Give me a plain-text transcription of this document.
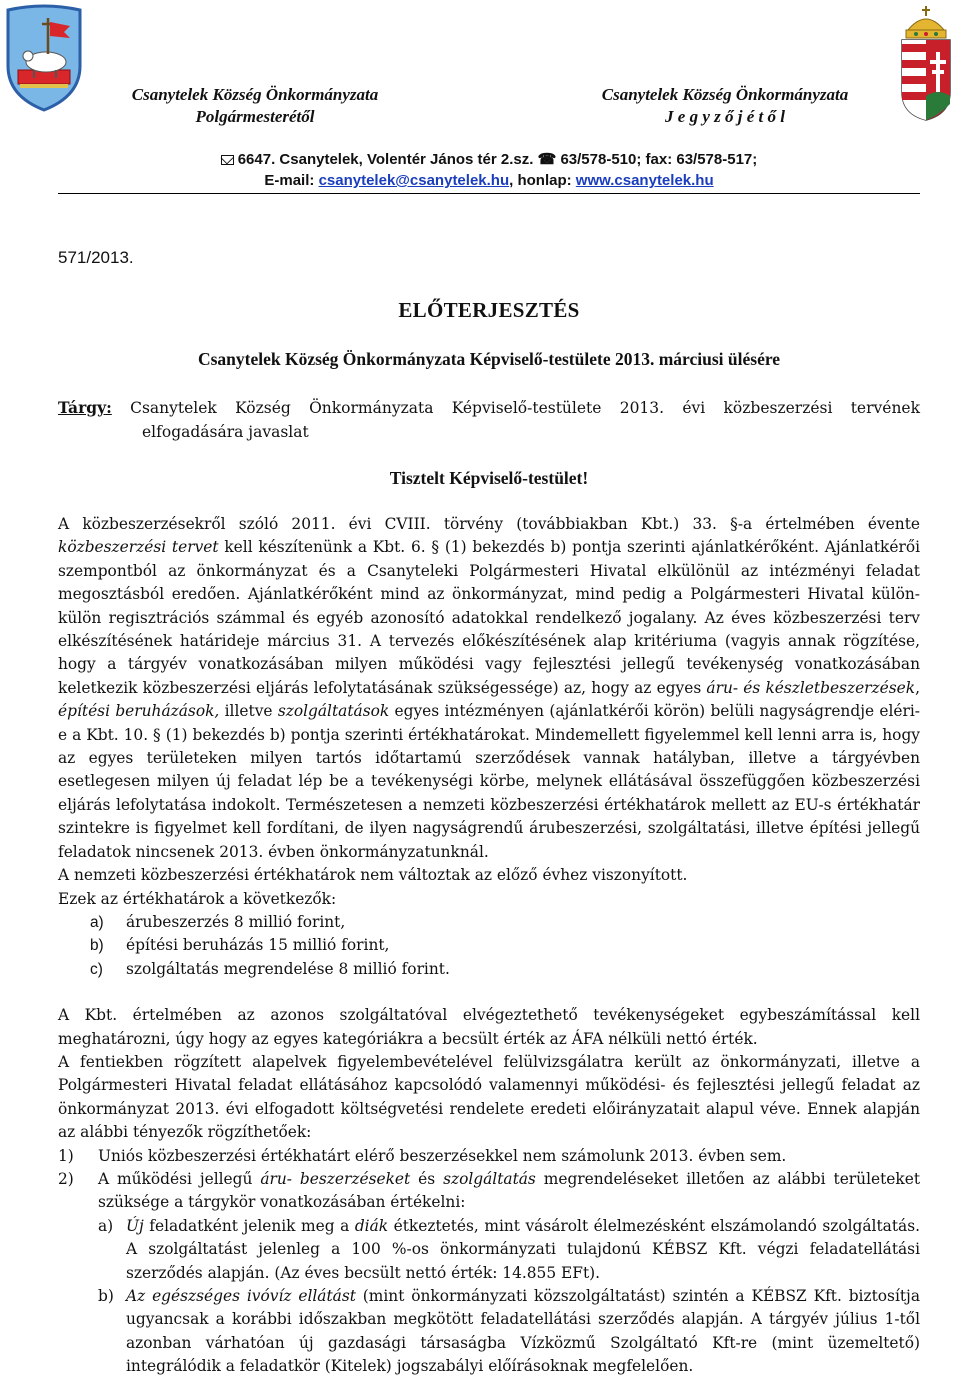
Csanytelek Község Önkormányzata
Polgármesterétől
Csanytelek Község Önkormányzata
J e g y z ő j é t ő l
6647. Csanytelek, Volentér János tér 2.sz. ☎ 63/578-510; fax: 63/578-517;
E-mail: csanytelek@csanytelek.hu, honlap: www.csanytelek.hu
571/2013.
ELŐTERJESZTÉS
Csanytelek Község Önkormányzata Képviselő-testülete 2013. márciusi ülésére
Tárgy: Csanytelek Község Önkormányzata Képviselő-testülete 2013. évi közbeszerzési tervének
elfogadására javaslat
Tisztelt Képviselő-testület!

A közbeszerzésekről szóló 2011. évi CVIII. törvény (továbbiakban Kbt.) 33. §-a értelmében évente közbeszerzési tervet kell készítenünk a Kbt. 6. § (1) bekezdés b) pontja szerinti ajánlatkérőként. Ajánlatkérői szempontból az önkormányzat és a Csanyteleki Polgármesteri Hivatal elkülönül az intézményi feladat megosztásból eredően. Ajánlatkérőként mind az önkormányzat, mind pedig a Polgármesteri Hivatal külön-külön regisztrációs számmal és egyéb azonosító adatokkal rendelkező jogalany. Az éves közbeszerzési terv elkészítésének határideje március 31. A tervezés előkészítésének alap kritériuma (vagyis annak rögzítése, hogy a tárgyév vonatkozásában milyen működési vagy fejlesztési jellegű tevékenység vonatkozásában keletkezik közbeszerzési eljárás lefolytatásának szükségessége) az, hogy az egyes áru- és készletbeszerzések, építési beruházások, illetve szolgáltatások egyes intézményen (ajánlatkérői körön) belüli nagyságrendje eléri-e a Kbt. 10. § (1) bekezdés b) pontja szerinti értékhatárokat. Mindemellett figyelemmel kell lenni arra is, hogy az egyes területeken milyen tartós időtartamú szerződések vannak hatályban, illetve a tárgyévben esetlegesen milyen új feladat lép be a tevékenységi körbe, melynek ellátásával összefüggően közbeszerzési eljárás lefolytatása indokolt. Természetesen a nemzeti közbeszerzési értékhatárok mellett az EU-s értékhatár szintekre is figyelmet kell fordítani, de ilyen nagyságrendű árubeszerzési, szolgáltatási, illetve építési jellegű feladatok nincsenek 2013. évben önkormányzatunknál.

A nemzeti közbeszerzési értékhatárok nem változtak az előző évhez viszonyított.

Ezek az értékhatárok a következők:

a)	árubeszerzés 8 millió forint,
b)	építési beruházás 15 millió forint,
c)	szolgáltatás megrendelése 8 millió forint.

A Kbt. értelmében az azonos szolgáltatóval elvégeztethető tevékenységeket egybeszámítással kell meghatározni, úgy hogy az egyes kategóriákra a becsült érték az ÁFA nélküli nettó érték.

A fentiekben rögzített alapelvek figyelembevételével felülvizsgálatra került az önkormányzati, illetve a Polgármesteri Hivatal feladat ellátásához kapcsolódó valamennyi működési- és fejlesztési jellegű feladat az önkormányzat 2013. évi elfogadott költségvetési rendelete eredeti előirányzatait alapul véve. Ennek alapján az alábbi tényezők rögzíthetőek:

1)	Uniós közbeszerzési értékhatárt elérő beszerzésekkel nem számolunk 2013. évben sem.
2)	A működési jellegű áru- beszerzéseket és szolgáltatás megrendeléseket illetően az alábbi területeket szüksége a tárgykör vonatkozásában értékelni:
a) Új feladatként jelenik meg a diák étkeztetés, mint vásárolt élelmezésként elszámolandó szolgáltatás. A szolgáltatást jelenleg a 100 %-os önkormányzati tulajdonú KÉBSZ Kft. végzi feladatellátási szerződés alapján. (Az éves becsült nettó érték: 14.855 EFt).
b) Az egészséges ivóvíz ellátást (mint önkormányzati közszolgáltatást) szintén a KÉBSZ Kft. biztosítja ugyancsak a korábbi időszakban megkötött feladatellátási szerződés alapján. A tárgyév július 1-től azonban várhatóan új gazdasági társaságba Vízközmű Szolgáltató Kft-re (mint üzemeltető) integrálódik a feladatkör (Kitelek) jogszabályi előírásoknak megfelelően.
